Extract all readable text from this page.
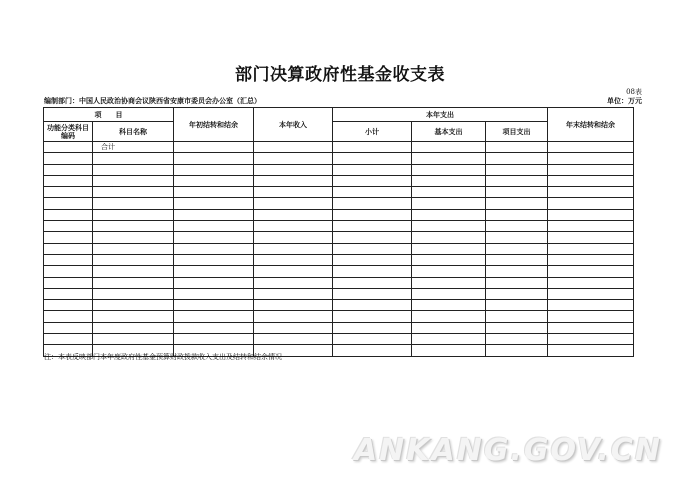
部门决算政府性基金收支表
08表
编制部门：中国人民政治协商会议陕西省安康市委员会办公室（汇总）	单位：万元
项　　目		年初结转和结余	本年收入	本年支出			年末结转和结余
功能分类科目编码	科目名称			小计	基本支出	项目支出	
	合计						

注：本表反映部门本年度政府性基金预算财政拨款收入支出及结转和结余情况
ANKANG.GOV.CN
